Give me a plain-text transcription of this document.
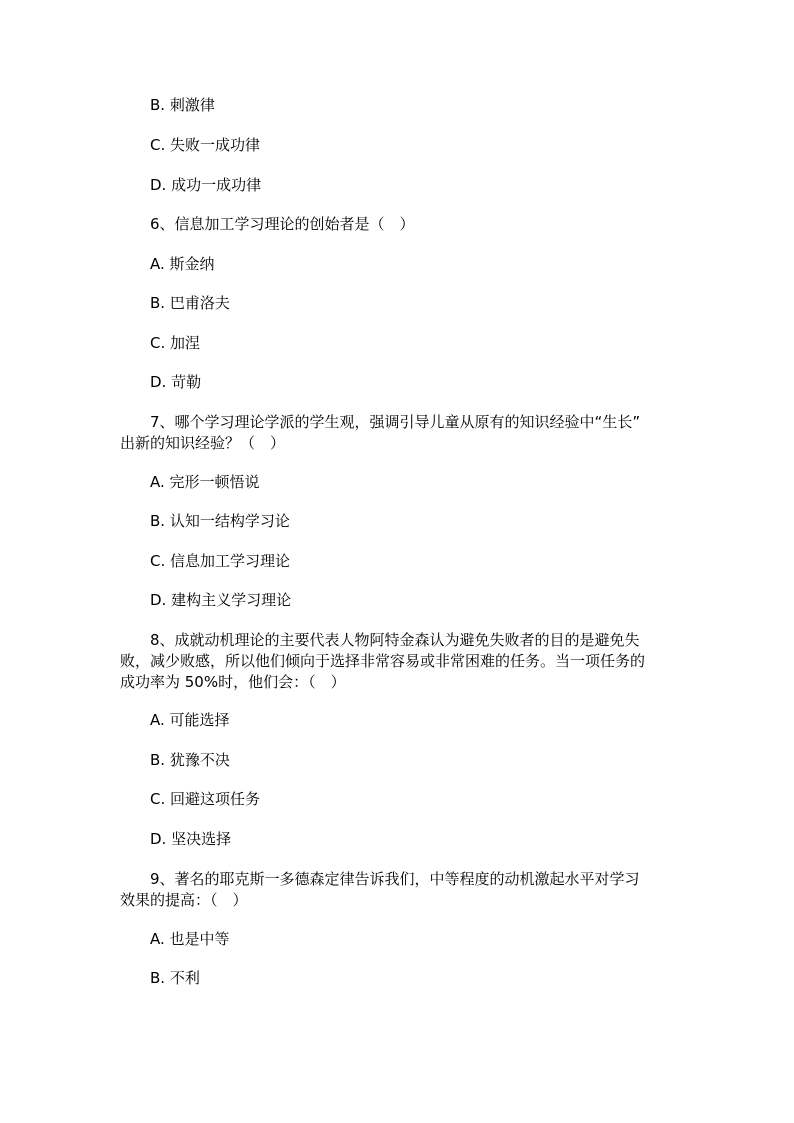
B. 刺激律
C. 失败一成功律
D. 成功一成功律
6、信息加工学习理论的创始者是（　）
A. 斯金纳
B. 巴甫洛夫
C. 加涅
D. 苛勒
7、哪个学习理论学派的学生观，强调引导儿童从原有的知识经验中“生长”
出新的知识经验？（　）
A. 完形一顿悟说
B. 认知一结构学习论
C. 信息加工学习理论
D. 建构主义学习理论
8、成就动机理论的主要代表人物阿特金森认为避免失败者的目的是避免失
败，减少败感，所以他们倾向于选择非常容易或非常困难的任务。当一项任务的
成功率为 50%时，他们会：（　）
A. 可能选择
B. 犹豫不决
C. 回避这项任务
D. 坚决选择
9、著名的耶克斯一多德森定律告诉我们，中等程度的动机激起水平对学习
效果的提高：（　）
A. 也是中等
B. 不利
